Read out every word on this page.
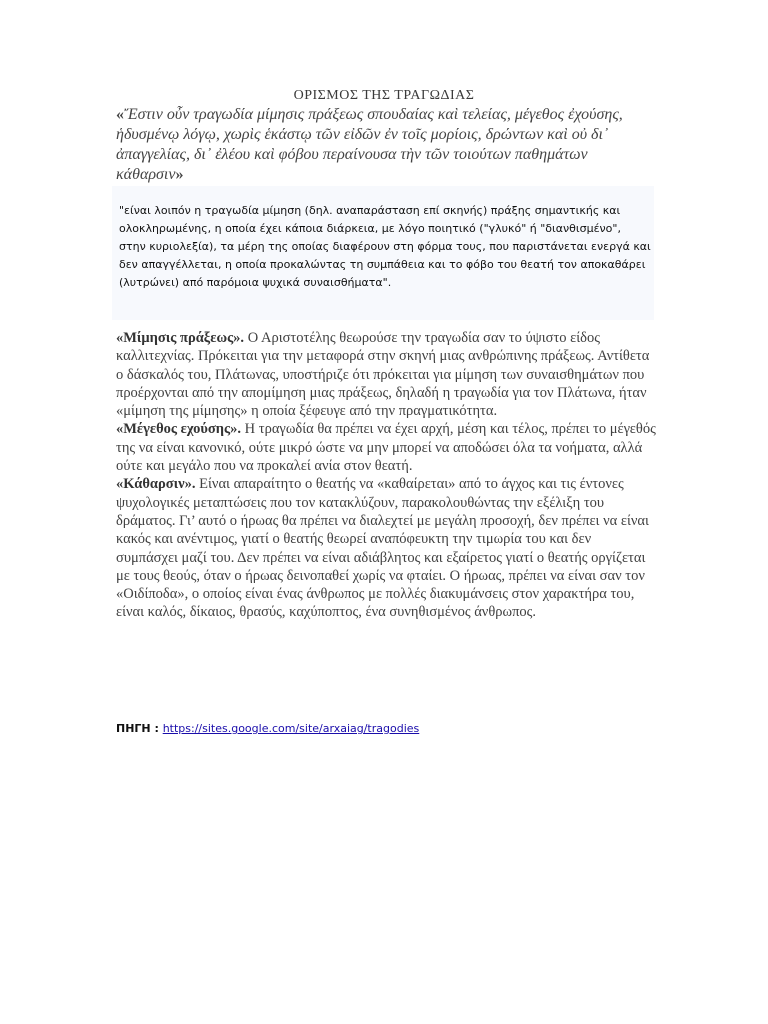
ΟΡΙΣΜΟΣ ΤΗΣ ΤΡΑΓΩΔΙΑΣ
«Ἔστιν οὖν τραγωδία μίμησις πράξεως σπουδαίας καὶ τελείας, μέγεθος ἐχούσης, ἡδυσμένῳ λόγῳ, χωρὶς ἑκάστῳ τῶν εἰδῶν ἐν τοῖς μορίοις, δρώντων καὶ οὐ δι᾽ ἀπαγγελίας, δι᾽ ἐλέου καὶ φόβου περαίνουσα τὴν τῶν τοιούτων παθημάτων κάθαρσιν»

"είναι λοιπόν η τραγωδία μίμηση (δηλ. αναπαράσταση επί σκηνής) πράξης σημαντικής και ολοκληρωμένης, η οποία έχει κάποια διάρκεια, με λόγο ποιητικό ("γλυκό" ή "διανθισμένο", στην κυριολεξία), τα μέρη της οποίας διαφέρουν στη φόρμα τους, που παριστάνεται ενεργά και δεν απαγγέλλεται, η οποία προκαλώντας τη συμπάθεια και το φόβο του θεατή τον αποκαθάρει (λυτρώνει) από παρόμοια ψυχικά συναισθήματα".

«Μίμησις πράξεως». Ο Αριστοτέλης θεωρούσε την τραγωδία σαν το ύψιστο είδος καλλιτεχνίας. Πρόκειται για την μεταφορά στην σκηνή μιας ανθρώπινης πράξεως. Αντίθετα ο δάσκαλός του, Πλάτωνας, υποστήριζε ότι πρόκειται για μίμηση των συναισθημάτων που προέρχονται από την απομίμηση μιας πράξεως, δηλαδή η τραγωδία για τον Πλάτωνα, ήταν «μίμηση της μίμησης» η οποία ξέφευγε από την πραγματικότητα.

«Μέγεθος εχούσης». Η τραγωδία θα πρέπει να έχει αρχή, μέση και τέλος, πρέπει το μέγεθός της να είναι κανονικό, ούτε μικρό ώστε να μην μπορεί να αποδώσει όλα τα νοήματα, αλλά ούτε και μεγάλο που να προκαλεί ανία στον θεατή.

«Κάθαρσιν». Είναι απαραίτητο ο θεατής να «καθαίρεται» από το άγχος και τις έντονες ψυχολογικές μεταπτώσεις που τον κατακλύζουν, παρακολουθώντας την εξέλιξη του δράματος. Γι’ αυτό ο ήρωας θα πρέπει να διαλεχτεί με μεγάλη προσοχή, δεν πρέπει να είναι κακός και ανέντιμος, γιατί ο θεατής θεωρεί αναπόφευκτη την τιμωρία του και δεν συμπάσχει μαζί του. Δεν πρέπει να είναι αδιάβλητος και εξαίρετος γιατί ο θεατής οργίζεται με τους θεούς, όταν ο ήρωας δεινοπαθεί χωρίς να φταίει. Ο ήρωας, πρέπει να είναι σαν τον «Οιδίποδα», ο οποίος είναι ένας άνθρωπος με πολλές διακυμάνσεις στον χαρακτήρα του, είναι καλός, δίκαιος, θρασύς, καχύποπτος, ένα συνηθισμένος άνθρωπος.

ΠΗΓΗ : https://sites.google.com/site/arxaiag/tragodies
